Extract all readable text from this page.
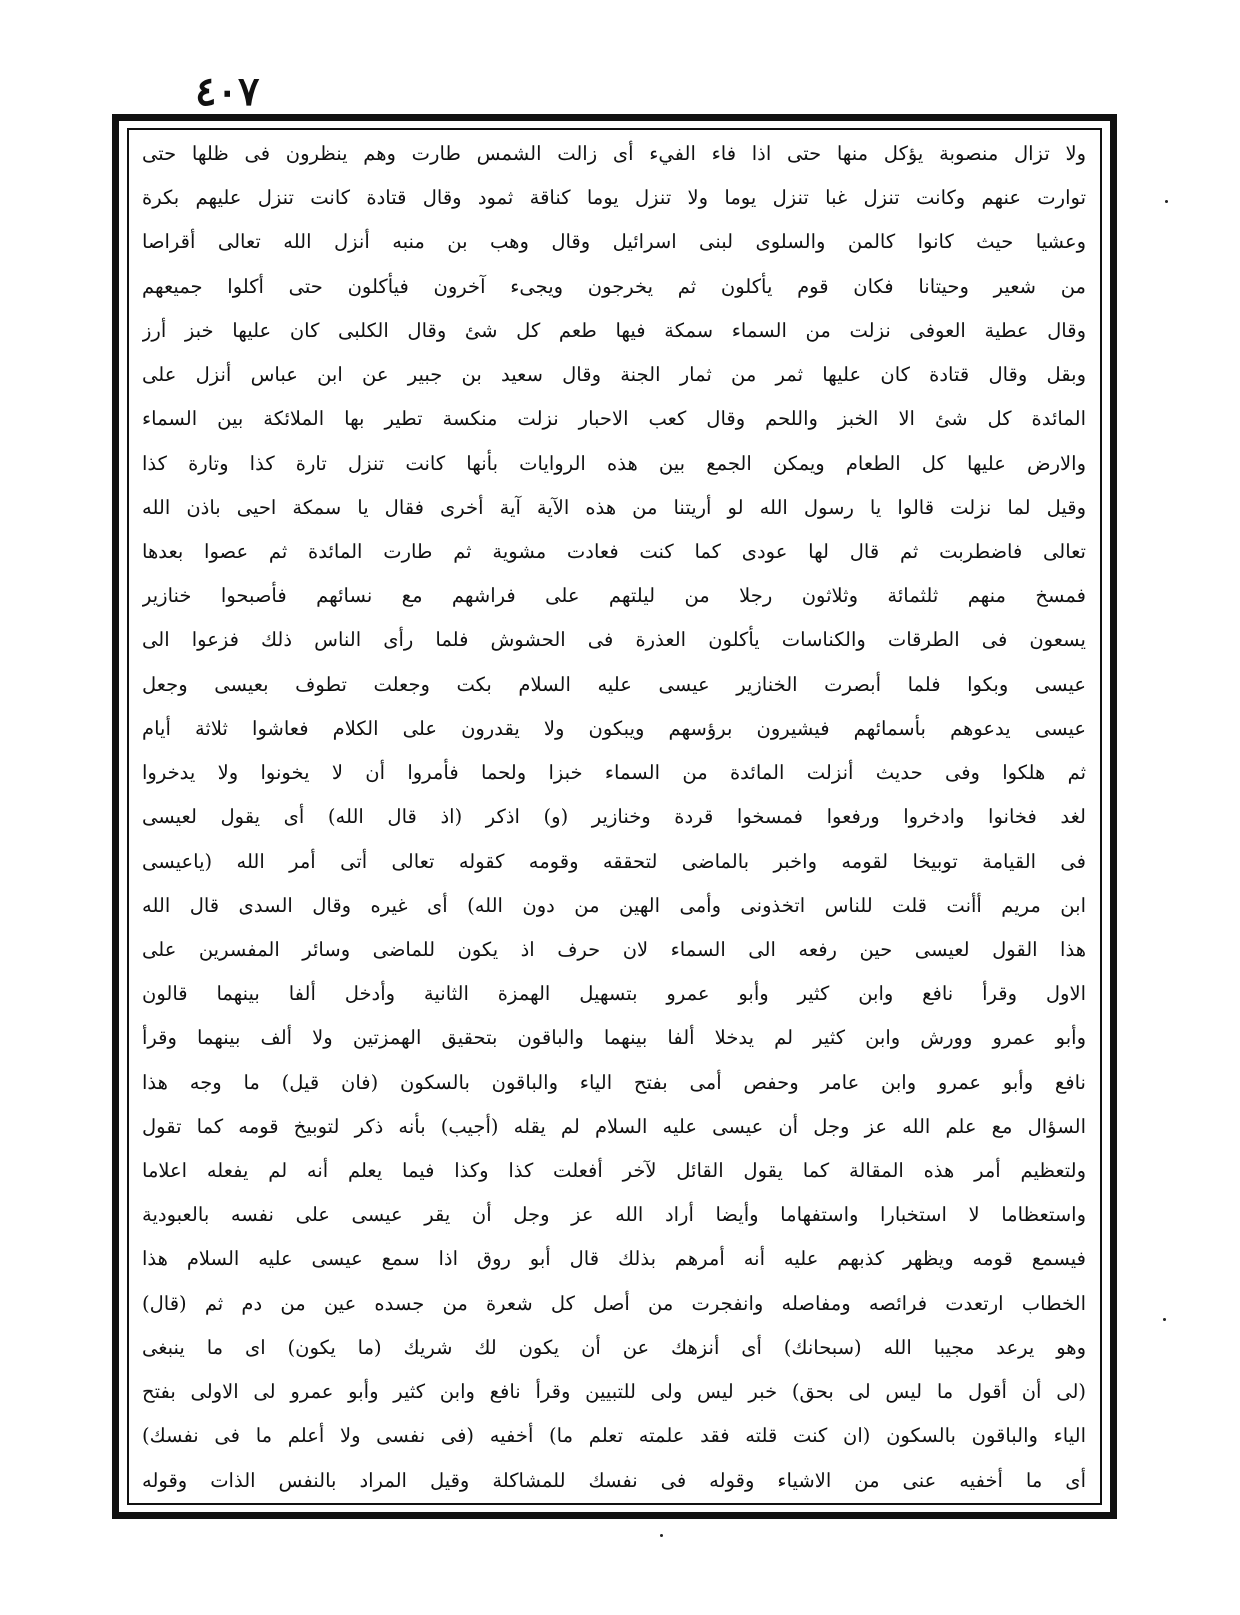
٤٠٧
ولا تزال منصوبة يؤكل منها حتى اذا فاء الفيء أى زالت الشمس طارت وهم ينظرون فى ظلها حتى
توارت عنهم وكانت تنزل غبا تنزل يوما ولا تنزل يوما كناقة ثمود وقال قتادة كانت تنزل عليهم بكرة
وعشيا حيث كانوا كالمن والسلوى لبنى اسرائيل وقال وهب بن منبه أنزل الله تعالى أقراصا
من شعير وحيتانا فكان قوم يأكلون ثم يخرجون ويجىء آخرون فيأكلون حتى أكلوا جميعهم
وقال عطية العوفى نزلت من السماء سمكة فيها طعم كل شئ وقال الكلبى كان عليها خبز أرز
وبقل وقال قتادة كان عليها ثمر من ثمار الجنة وقال سعيد بن جبير عن ابن عباس أنزل على
المائدة كل شئ الا الخبز واللحم وقال كعب الاحبار نزلت منكسة تطير بها الملائكة بين السماء
والارض عليها كل الطعام ويمكن الجمع بين هذه الروايات بأنها كانت تنزل تارة كذا وتارة كذا
وقيل لما نزلت قالوا يا رسول الله لو أريتنا من هذه الآية آية أخرى فقال يا سمكة احيى باذن الله
تعالى فاضطربت ثم قال لها عودى كما كنت فعادت مشوية ثم طارت المائدة ثم عصوا بعدها
فمسخ منهم ثلثمائة وثلاثون رجلا من ليلتهم على فراشهم مع نسائهم فأصبحوا خنازير
يسعون فى الطرقات والكناسات يأكلون العذرة فى الحشوش فلما رأى الناس ذلك فزعوا الى
عيسى وبكوا فلما أبصرت الخنازير عيسى عليه السلام بكت وجعلت تطوف بعيسى وجعل
عيسى يدعوهم بأسمائهم فيشيرون برؤسهم ويبكون ولا يقدرون على الكلام فعاشوا ثلاثة أيام
ثم هلكوا وفى حديث أنزلت المائدة من السماء خبزا ولحما فأمروا أن لا يخونوا ولا يدخروا
لغد فخانوا وادخروا ورفعوا فمسخوا قردة وخنازير (و) اذكر (اذ قال الله) أى يقول لعيسى
فى القيامة توبيخا لقومه واخبر بالماضى لتحققه وقومه كقوله تعالى أتى أمر الله (ياعيسى
ابن مريم أأنت قلت للناس اتخذونى وأمى الهين من دون الله) أى غيره وقال السدى قال الله
هذا القول لعيسى حين رفعه الى السماء لان حرف اذ يكون للماضى وسائر المفسرين على
الاول وقرأ نافع وابن كثير وأبو عمرو بتسهيل الهمزة الثانية وأدخل ألفا بينهما قالون
وأبو عمرو وورش وابن كثير لم يدخلا ألفا بينهما والباقون بتحقيق الهمزتين ولا ألف بينهما وقرأ
نافع وأبو عمرو وابن عامر وحفص أمى بفتح الياء والباقون بالسكون (فان قيل) ما وجه هذا
السؤال مع علم الله عز وجل أن عيسى عليه السلام لم يقله (أجيب) بأنه ذكر لتوبيخ قومه كما تقول
ولتعظيم أمر هذه المقالة كما يقول القائل لآخر أفعلت كذا وكذا فيما يعلم أنه لم يفعله اعلاما
واستعظاما لا استخبارا واستفهاما وأيضا أراد الله عز وجل أن يقر عيسى على نفسه بالعبودية
فيسمع قومه ويظهر كذبهم عليه أنه أمرهم بذلك قال أبو روق اذا سمع عيسى عليه السلام هذا
الخطاب ارتعدت فرائصه ومفاصله وانفجرت من أصل كل شعرة من جسده عين من دم ثم (قال)
وهو يرعد مجيبا الله (سبحانك) أى أنزهك عن أن يكون لك شريك (ما يكون) اى ما ينبغى
(لى أن أقول ما ليس لى بحق) خبر ليس ولى للتبيين وقرأ نافع وابن كثير وأبو عمرو لى الاولى بفتح
الياء والباقون بالسكون (ان كنت قلته فقد علمته تعلم ما) أخفيه (فى نفسى ولا أعلم ما فى نفسك)
أى ما أخفيه عنى من الاشياء وقوله فى نفسك للمشاكلة وقيل المراد بالنفس الذات وقوله
